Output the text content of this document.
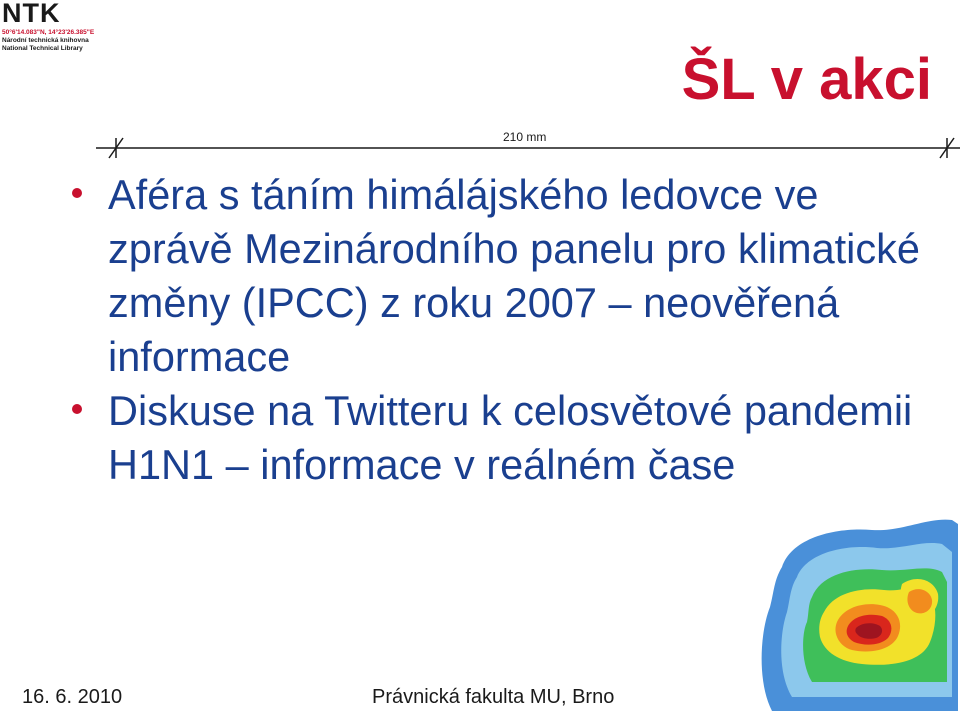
NTK
50°6'14.083"N, 14°23'26.385"E
Národní technická knihovna
National Technical Library	ŠL v akci
210 mm
Aféra s táním himálájského ledovce ve zprávě Mezinárodního panelu pro klimatické změny (IPCC) z roku 2007 – neověřená informace
Diskuse na Twitteru k celosvětové pandemii H1N1 – informace v reálném čase
16. 6. 2010	Právnická fakulta MU, Brno
